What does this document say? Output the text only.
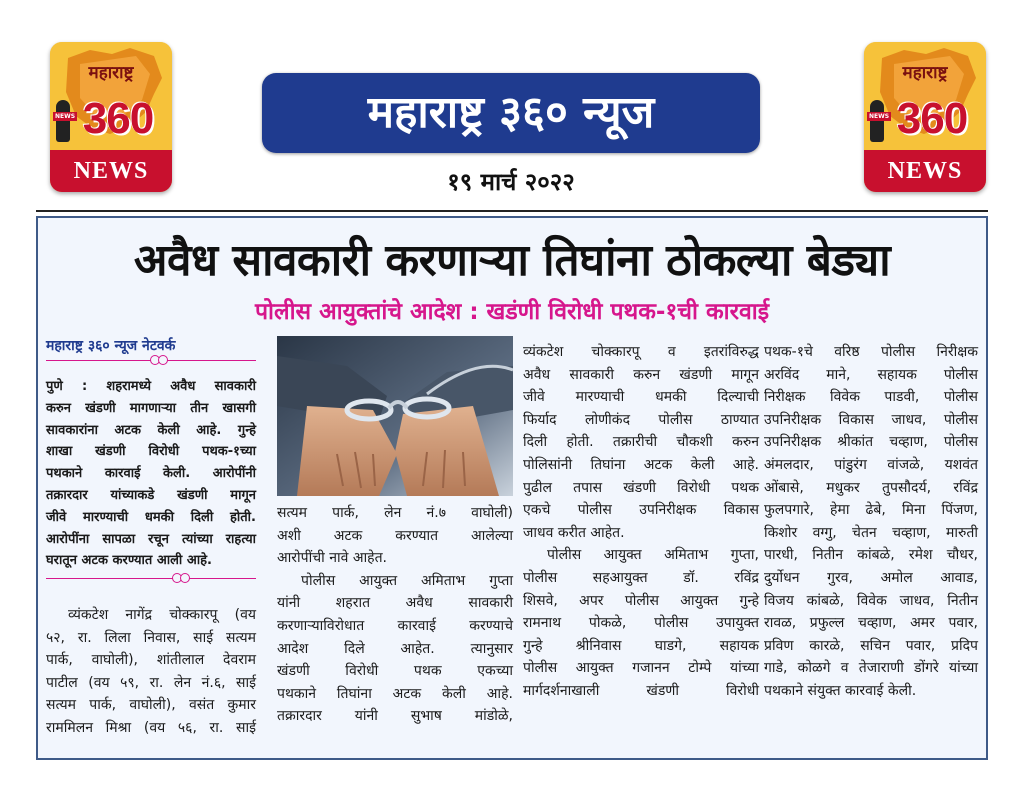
महाराष्ट्र
NEWS 360
NEWS
महाराष्ट्र
NEWS 360
NEWS
महाराष्ट्र ३६० न्यूज
१९ मार्च २०२२
अवैध सावकारी करणाऱ्या तिघांना ठोकल्या बेड्या
पोलीस आयुक्तांचे आदेश : खडंणी विरोधी पथक-१ची कारवाई
महाराष्ट्र ३६० न्यूज नेटवर्क
पुणे : शहरामध्ये अवैध सावकारी
करुन खंडणी मागणाऱ्या तीन खासगी
सावकारांना अटक केली आहे. गुन्हे
शाखा खंडणी विरोधी पथक-१च्या
पथकाने कारवाई केली. आरोपींनी
तक्रारदार यांच्याकडे खंडणी मागून
जीवे मारण्याची धमकी दिली होती.
आरोपींना सापळा रचून त्यांच्या राहत्या
घरातून अटक करण्यात आली आहे.
व्यंकटेश नागेंद्र चोक्कारपू (वय
५२, रा. लिला निवास, साई सत्यम
पार्क, वाघोली), शांतीलाल देवराम
पाटील (वय ५९, रा. लेन नं.६, साई
सत्यम पार्क, वाघोली), वसंत कुमार
राममिलन मिश्रा (वय ५६, रा. साई
सत्यम पार्क, लेन नं.७ वाघोली)
अशी अटक करण्यात आलेल्या
आरोपींची नावे आहेत.
पोलीस आयुक्त अमिताभ गुप्ता
यांनी शहरात अवैध सावकारी
करणाऱ्याविरोधात कारवाई करण्याचे
आदेश दिले आहेत. त्यानुसार
खंडणी विरोधी पथक एकच्या
पथकाने तिघांना अटक केली आहे.
तक्रारदार यांनी सुभाष मांडोळे,
व्यंकटेश चोक्कारपू व इतरांविरुद्ध
अवैध सावकारी करुन खंडणी मागून
जीवे मारण्याची धमकी दिल्याची
फिर्याद लोणीकंद पोलीस ठाण्यात
दिली होती. तक्रारीची चौकशी करुन
पोलिसांनी तिघांना अटक केली आहे.
पुढील तपास खंडणी विरोधी पथक
एकचे पोलीस उपनिरीक्षक विकास
जाधव करीत आहेत.
पोलीस आयुक्त अमिताभ गुप्ता,
पोलीस सहआयुक्त डॉ. रविंद्र
शिसवे, अपर पोलीस आयुक्त गुन्हे
रामनाथ पोकळे, पोलीस उपायुक्त
गुन्हे श्रीनिवास घाडगे, सहायक
पोलीस आयुक्त गजानन टोम्पे यांच्या
मार्गदर्शनाखाली खंडणी विरोधी
पथक-१चे वरिष्ठ पोलीस निरीक्षक
अरविंद माने, सहायक पोलीस
निरीक्षक विवेक पाडवी, पोलीस
उपनिरीक्षक विकास जाधव, पोलीस
उपनिरीक्षक श्रीकांत चव्हाण, पोलीस
अंमलदार, पांडुरंग वांजळे, यशवंत
ओंबासे, मधुकर तुपसौदर्य, रविंद्र
फुलपगारे, हेमा ढेबे, मिना पिंजण,
किशोर वग्गु, चेतन चव्हाण, मारुती
पारधी, नितीन कांबळे, रमेश चौधर,
दुर्योधन गुरव, अमोल आवाड,
विजय कांबळे, विवेक जाधव, नितीन
रावळ, प्रफुल्ल चव्हाण, अमर पवार,
प्रविण कारळे, सचिन पवार, प्रदिप
गाडे, कोळगे व तेजाराणी डोंगरे यांच्या
पथकाने संयुक्त कारवाई केली.
